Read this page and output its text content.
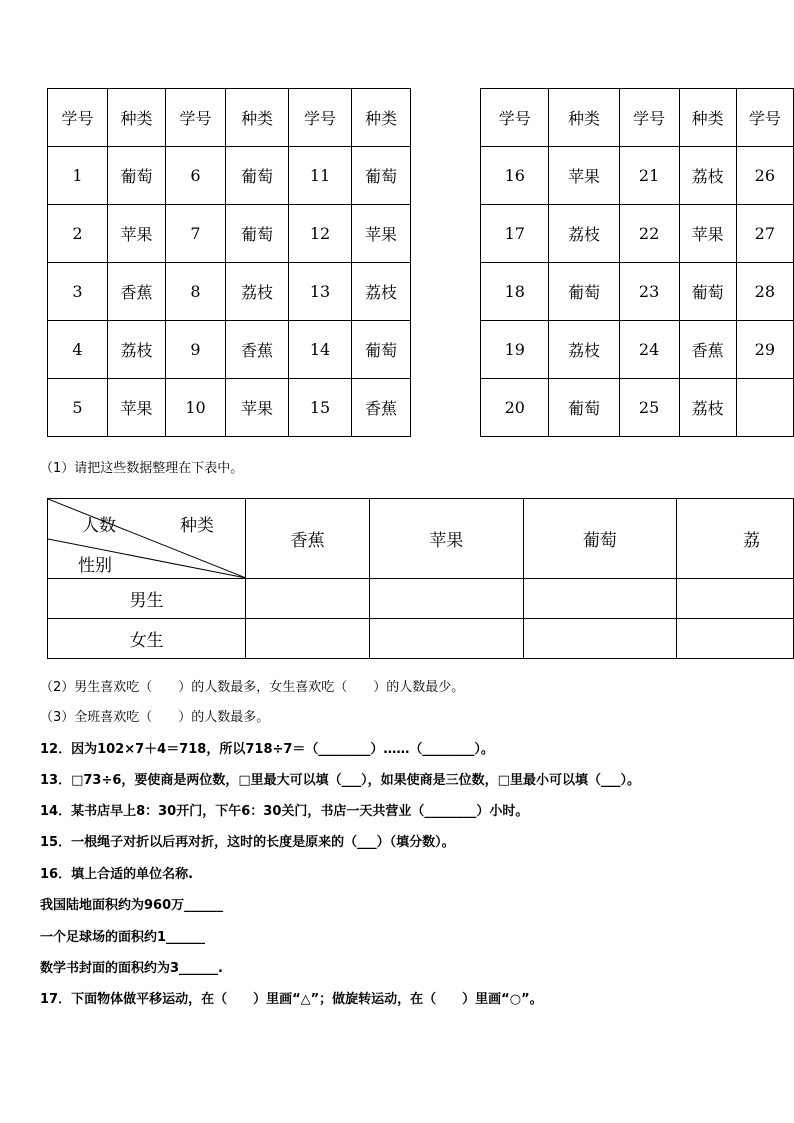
学号	种类	学号	种类	学号	种类
1	葡萄	6	葡萄	11	葡萄
2	苹果	7	葡萄	12	苹果
3	香蕉	8	荔枝	13	荔枝
4	荔枝	9	香蕉	14	葡萄
5	苹果	10	苹果	15	香蕉
学号	种类	学号	种类	学号
16	苹果	21	荔枝	26
17	荔枝	22	苹果	27
18	葡萄	23	葡萄	28
19	荔枝	24	香蕉	29
20	葡萄	25	荔枝	
（1）请把这些数据整理在下表中。
人数 种类
性别	香蕉	苹果	葡萄	荔
男生				
女生				
（2）男生喜欢吃（　　）的人数最多，女生喜欢吃（　　）的人数最少。
（3）全班喜欢吃（　　）的人数最多。
12．因为102×7＋4＝718，所以718÷7＝（________）……（________）。
13．□73÷6，要使商是两位数，□里最大可以填（___），如果使商是三位数，□里最小可以填（___）。
14．某书店早上8：30开门，下午6：30关门，书店一天共营业（________）小时。
15．一根绳子对折以后再对折，这时的长度是原来的（___）（填分数）。
16．填上合适的单位名称.
我国陆地面积约为960万______
一个足球场的面积约1______
数学书封面的面积约为3______.
17．下面物体做平移运动，在（　　）里画“△”；做旋转运动，在（　　）里画“○”。
